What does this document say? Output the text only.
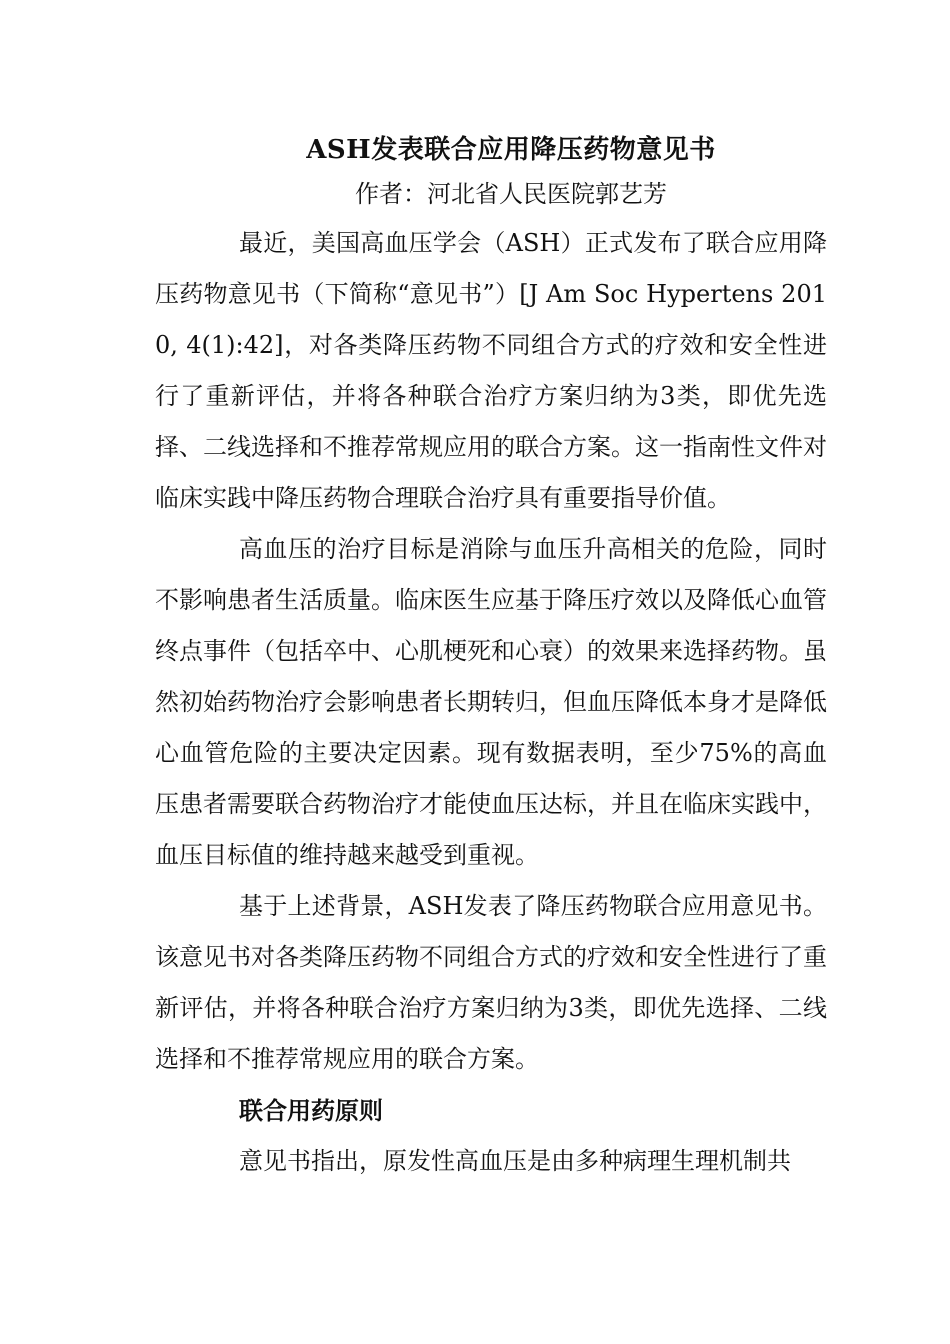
ASH发表联合应用降压药物意见书
作者：河北省人民医院郭艺芳

最近，美国高血压学会（ASH）正式发布了联合应用降压药物意见书（下简称“意见书”）[J Am Soc Hypertens 2010, 4(1):42]，对各类降压药物不同组合方式的疗效和安全性进行了重新评估，并将各种联合治疗方案归纳为3类，即优先选择、二线选择和不推荐常规应用的联合方案。这一指南性文件对临床实践中降压药物合理联合治疗具有重要指导价值。

高血压的治疗目标是消除与血压升高相关的危险，同时不影响患者生活质量。临床医生应基于降压疗效以及降低心血管终点事件（包括卒中、心肌梗死和心衰）的效果来选择药物。虽然初始药物治疗会影响患者长期转归，但血压降低本身才是降低心血管危险的主要决定因素。现有数据表明，至少75%的高血压患者需要联合药物治疗才能使血压达标，并且在临床实践中，血压目标值的维持越来越受到重视。

基于上述背景，ASH发表了降压药物联合应用意见书。该意见书对各类降压药物不同组合方式的疗效和安全性进行了重新评估，并将各种联合治疗方案归纳为3类，即优先选择、二线选择和不推荐常规应用的联合方案。

联合用药原则

意见书指出，原发性高血压是由多种病理生理机制共
